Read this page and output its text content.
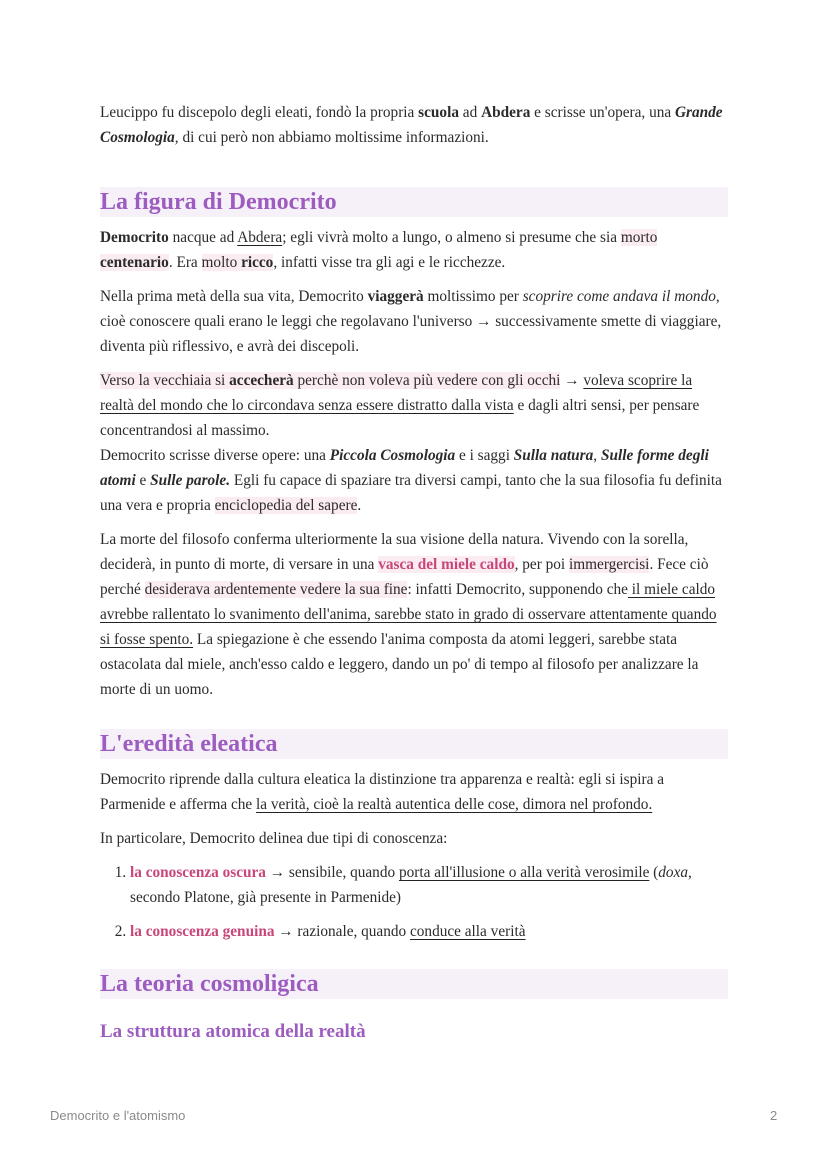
Leucippo fu discepolo degli eleati, fondò la propria scuola ad Abdera e scrisse un'opera, una Grande Cosmologia, di cui però non abbiamo moltissime informazioni.

La figura di Democrito

Democrito nacque ad Abdera; egli vivrà molto a lungo, o almeno si presume che sia morto
centenario. Era molto ricco, infatti visse tra gli agi e le ricchezze.

Nella prima metà della sua vita, Democrito viaggerà moltissimo per scoprire come andava il mondo, cioè conoscere quali erano le leggi che regolavano l'universo → successivamente smette di viaggiare, diventa più riflessivo, e avrà dei discepoli.

Verso la vecchiaia si accecherà perchè non voleva più vedere con gli occhi → voleva scoprire la realtà del mondo che lo circondava senza essere distratto dalla vista e dagli altri sensi, per pensare concentrandosi al massimo.

Democrito scrisse diverse opere: una Piccola Cosmologia e i saggi Sulla natura, Sulle forme degli atomi e Sulle parole. Egli fu capace di spaziare tra diversi campi, tanto che la sua filosofia fu definita una vera e propria enciclopedia del sapere.

La morte del filosofo conferma ulteriormente la sua visione della natura. Vivendo con la sorella, deciderà, in punto di morte, di versare in una vasca del miele caldo, per poi immergercisi. Fece ciò perché desiderava ardentemente vedere la sua fine: infatti Democrito, supponendo che il miele caldo avrebbe rallentato lo svanimento dell'anima, sarebbe stato in grado di osservare attentamente quando si fosse spento. La spiegazione è che essendo l'anima composta da atomi leggeri, sarebbe stata ostacolata dal miele, anch'esso caldo e leggero, dando un po' di tempo al filosofo per analizzare la morte di un uomo.

L'eredità eleatica

Democrito riprende dalla cultura eleatica la distinzione tra apparenza e realtà: egli si ispira a Parmenide e afferma che la verità, cioè la realtà autentica delle cose, dimora nel profondo.

In particolare, Democrito delinea due tipi di conoscenza:

1. la conoscenza oscura → sensibile, quando porta all'illusione o alla verità verosimile (doxa, secondo Platone, già presente in Parmenide)
2. la conoscenza genuina → razionale, quando conduce alla verità
La teoria cosmoligica
La struttura atomica della realtà
Democrito e l'atomismo	2
